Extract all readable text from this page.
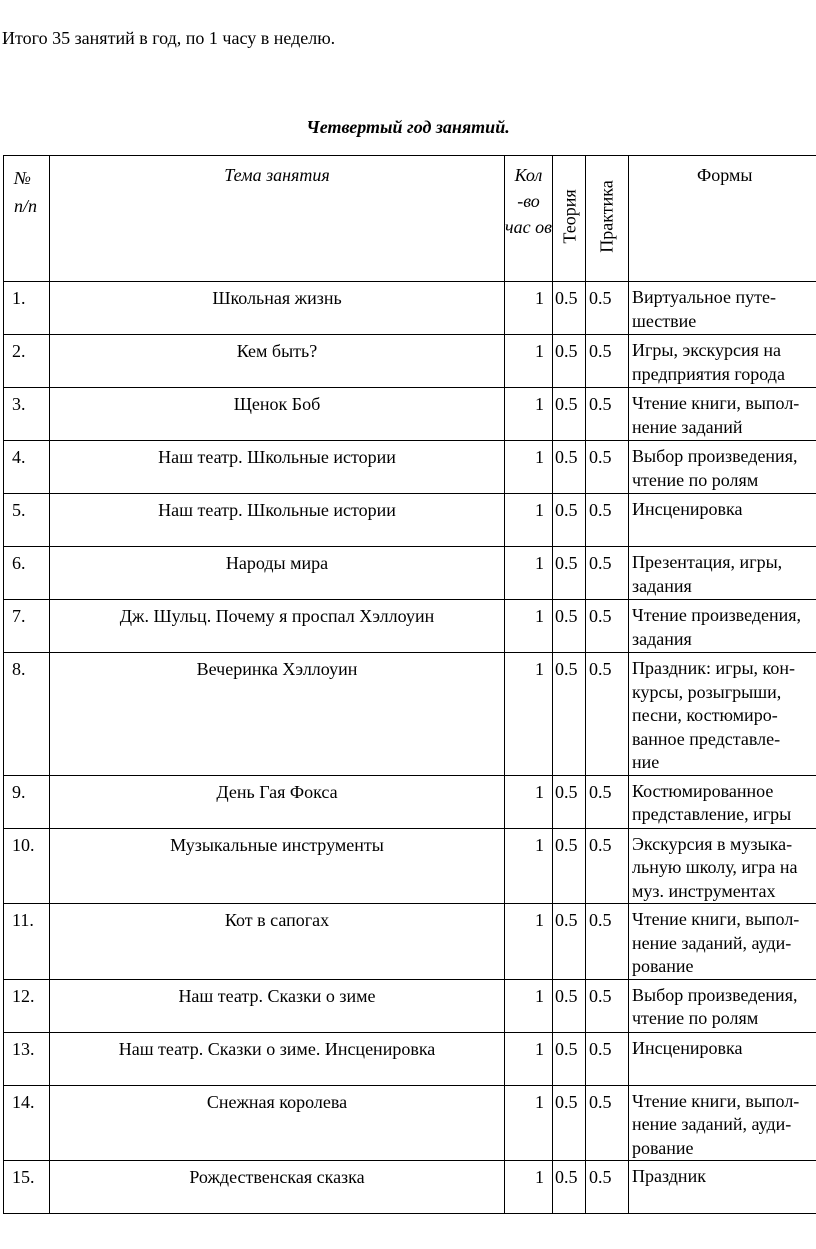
Итого 35 занятий в год, по 1 часу в неделю.
Четвертый год занятий.
№ п/п	Тема занятия	Кол -во час ов	Теория	Практика	Формы
1.	Школьная жизнь	1	0.5	0.5	Виртуальное путе-
шествие
2.	Кем быть?	1	0.5	0.5	Игры, экскурсия на
предприятия города
3.	Щенок Боб	1	0.5	0.5	Чтение книги, выпол-
нение заданий
4.	Наш театр. Школьные истории	1	0.5	0.5	Выбор произведения,
чтение по ролям
5.	Наш театр. Школьные истории	1	0.5	0.5	Инсценировка
6.	Народы мира	1	0.5	0.5	Презентация, игры,
задания
7.	Дж. Шульц. Почему я проспал Хэллоуин	1	0.5	0.5	Чтение произведения,
задания
8.	Вечеринка Хэллоуин	1	0.5	0.5	Праздник: игры, кон-
курсы, розыгрыши,
песни, костюмиро-
ванное представле-
ние
9.	День Гая Фокса	1	0.5	0.5	Костюмированное
представление, игры
10.	Музыкальные инструменты	1	0.5	0.5	Экскурсия в музыка-
льную школу, игра на
муз. инструментах
11.	Кот в сапогах	1	0.5	0.5	Чтение книги, выпол-
нение заданий, ауди-
рование
12.	Наш театр. Сказки о зиме	1	0.5	0.5	Выбор произведения,
чтение по ролям
13.	Наш театр. Сказки о зиме. Инсценировка	1	0.5	0.5	Инсценировка
14.	Снежная королева	1	0.5	0.5	Чтение книги, выпол-
нение заданий, ауди-
рование
15.	Рождественская сказка	1	0.5	0.5	Праздник
